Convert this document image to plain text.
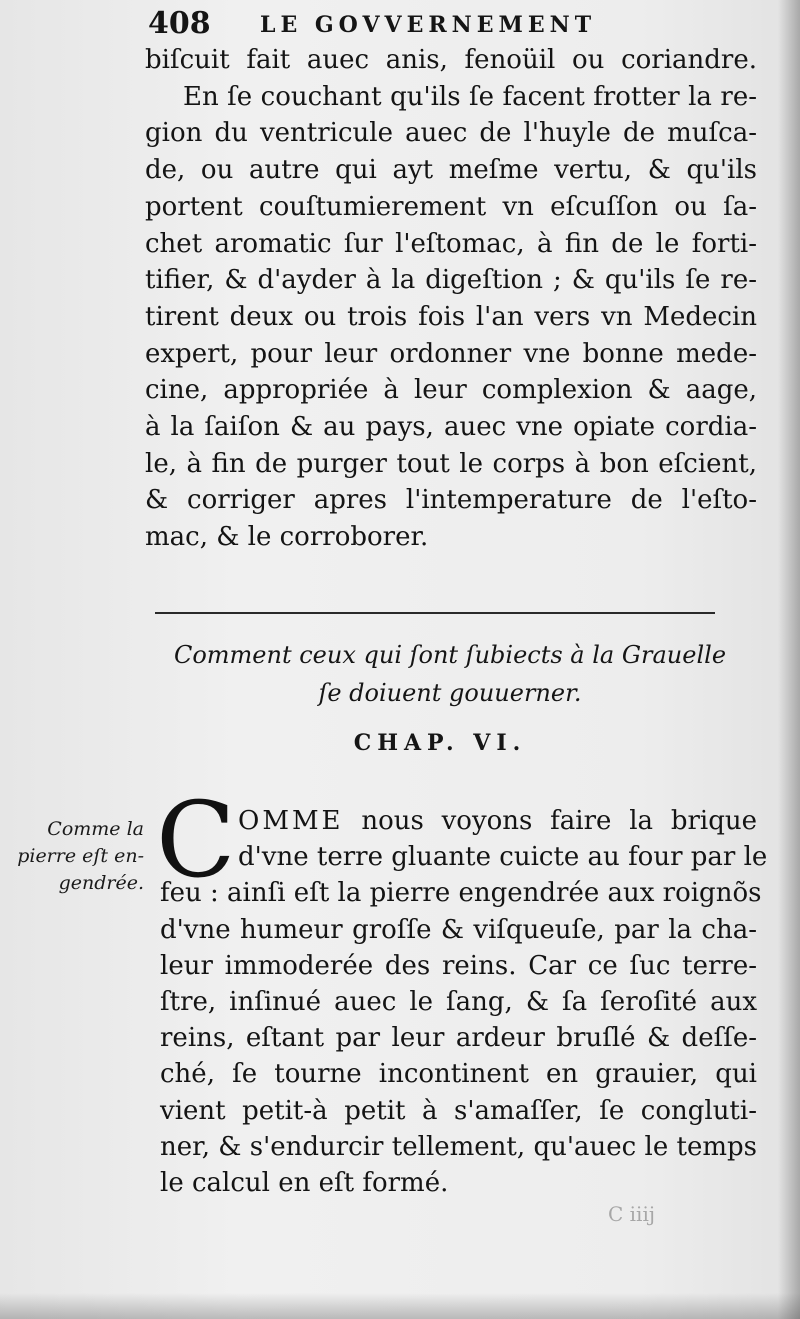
408 LE GOVVERNEMENT
biſcuit fait auec anis, fenoüil ou coriandre.
En ſe couchant qu'ils ſe facent frotter la re-
gion du ventricule auec de l'huyle de muſca-
de, ou autre qui ayt meſme vertu, & qu'ils
portent couſtumierement vn eſcuſſon ou ſa-
chet aromatic ſur l'eſtomac, à fin de le forti-
tifier, & d'ayder à la digeſtion ; & qu'ils ſe re-
tirent deux ou trois fois l'an vers vn Medecin
expert, pour leur ordonner vne bonne mede-
cine, appropriée à leur complexion & aage,
à la ſaiſon & au pays, auec vne opiate cordia-
le, à fin de purger tout le corps à bon eſcient,
& corriger apres l'intemperature de l'eſto-
mac, & le corroborer.
Comment ceux qui ſont ſubiects à la Grauelle
ſe doiuent gouuerner.
CHAP. VI.
Comme la
pierre eſt en-
gendrée. C OMME nous voyons faire la brique
d'vne terre gluante cuicte au four par le
feu : ainſi eſt la pierre engendrée aux roignõs
d'vne humeur groſſe & viſqueuſe, par la cha-
leur immoderée des reins. Car ce ſuc terre-
ſtre, inſinué auec le ſang, & ſa ſeroſité aux
reins, eſtant par leur ardeur bruſlé & deſſe-
ché, ſe tourne incontinent en grauier, qui
vient petit-à petit à s'amaſſer, ſe congluti-
ner, & s'endurcir tellement, qu'auec le temps
le calcul en eſt formé.
C iiij
